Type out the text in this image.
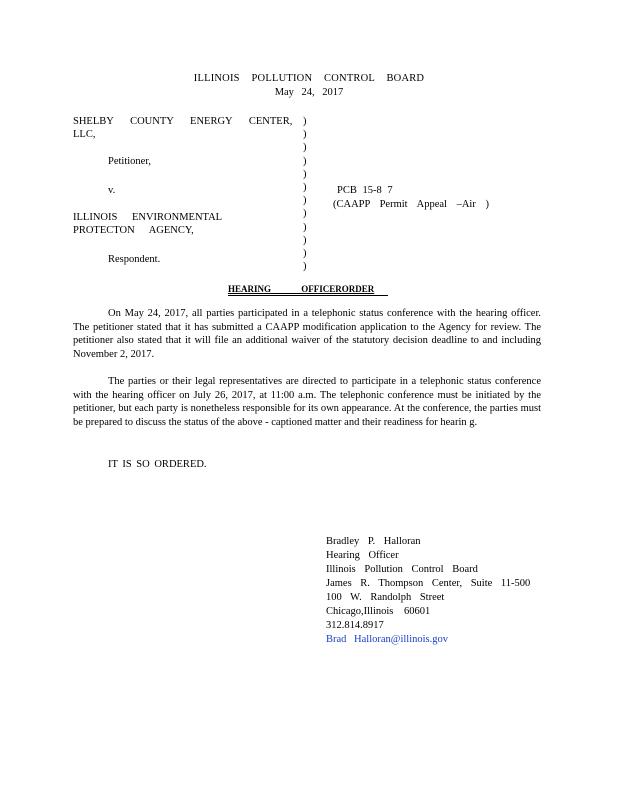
ILLINOIS POLLUTION CONTROL BOARD
May 24, 2017
SHELBY COUNTY ENERGY CENTER,
LLC,
Petitioner,
v.
ILLINOIS ENVIRONMENTAL
PROTECTON AGENCY,
Respondent.
)
)
)
)
)
)
)
)
)
)
)
)
PCB 15-8 7
(CAAPP Permit Appeal –Air )
HEARING OFFICERORDER
On May 24, 2017, all parties participated in a telephonic status conference with the hearing officer. The petitioner stated that it has submitted a CAAPP modification application to the Agency for review. The petitioner also stated that it will file an additional waiver of the statutory decision deadline to and including November 2, 2017.
The parties or their legal representatives are directed to participate in a telephonic status conference with the hearing officer on July 26, 2017, at 11:00 a.m. The telephonic conference must be initiated by the petitioner, but each party is nonetheless responsible for its own appearance. At the conference, the parties must be prepared to discuss the status of the above - captioned matter and their readiness for hearin g.
IT IS SO ORDERED.
Bradley P. Halloran
Hearing Officer
Illinois Pollution Control Board
James R. Thompson Center, Suite 11-500
100 W. Randolph Street
Chicago,Illinois 60601
312.814.8917
Brad Halloran@illinois.gov
